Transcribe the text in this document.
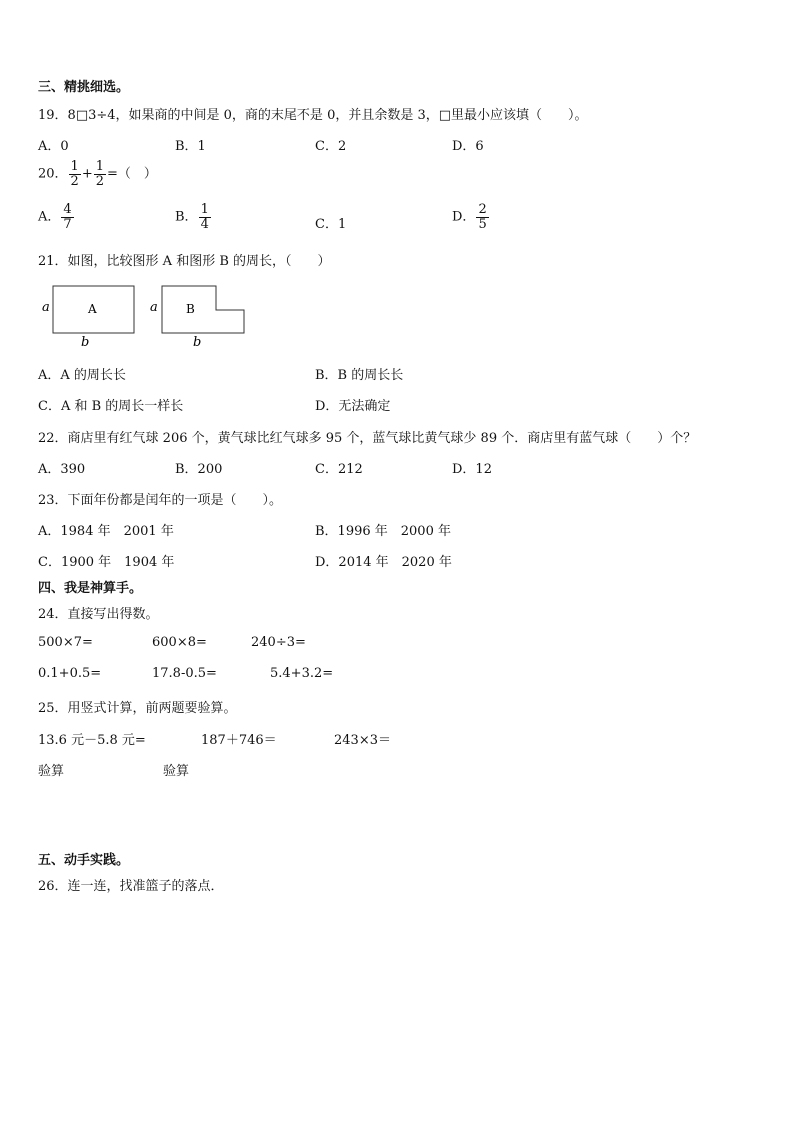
三、精挑细选。
19．8□3÷4，如果商的中间是 0，商的末尾不是 0，并且余数是 3，□里最小应该填（　　）。
A．0	B．1	C．2	D．6
20． $\frac{1}{2} + \frac{1}{2}$ =（　）
A． $\frac{4}{7}$	B． $\frac{1}{4}$	C．1	D． $\frac{2}{5}$
21．如图，比较图形 A 和图形 B 的周长，（　　）
a	A
b
a B
b
A．A 的周长长	B．B 的周长长
C．A 和 B 的周长一样长	D．无法确定
22．商店里有红气球 206 个，黄气球比红气球多 95 个，蓝气球比黄气球少 89 个．商店里有蓝气球（　　）个？
A．390	B．200	C．212	D．12
23．下面年份都是闰年的一项是（　　）。
A．1984 年　2001 年	B．1996 年　2000 年
C．1900 年　1904 年	D．2014 年　2020 年
四、我是神算手。
24．直接写出得数。
500×7=	600×8=	240÷3=
0.1+0.5=	17.8-0.5=	5.4+3.2=
25．用竖式计算，前两题要验算。
13.6 元－5.8 元=	187＋746＝	243×3＝
验算	验算
五、动手实践。
26．连一连，找准篮子的落点．
